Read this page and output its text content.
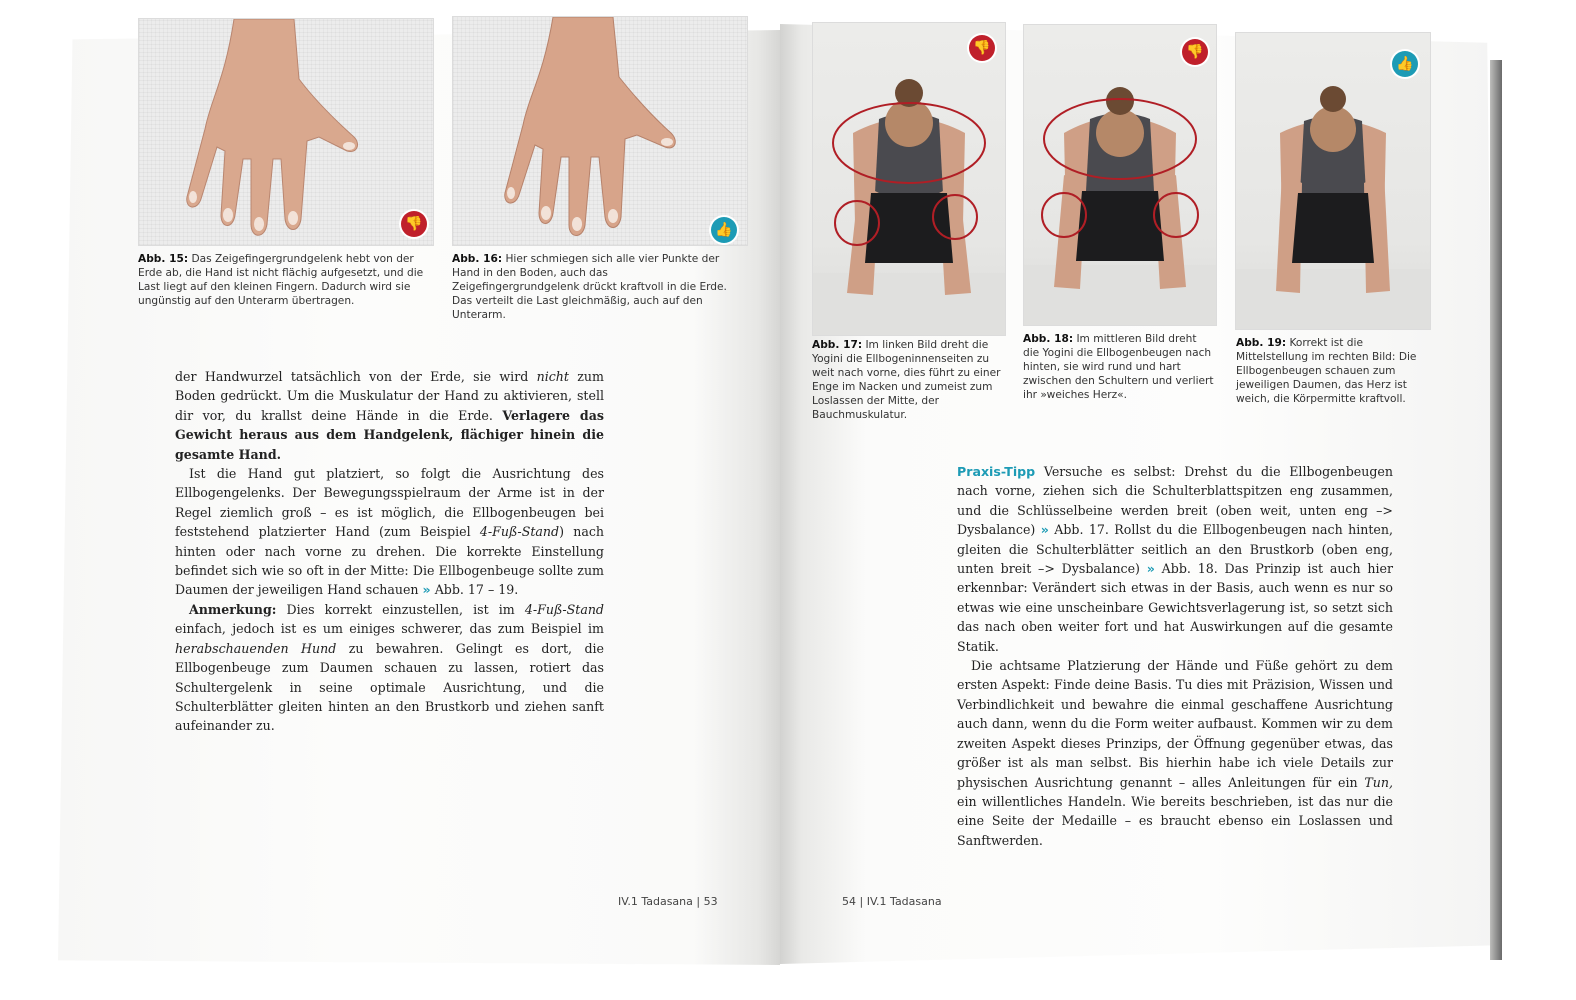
👎	👍
Abb. 15: Das Zeigefingergrundgelenk hebt von der Erde ab, die Hand ist nicht flächig aufgesetzt, und die Last liegt auf den kleinen Fingern. Dadurch wird sie ungünstig auf den Unterarm übertragen.
Abb. 16: Hier schmiegen sich alle vier Punkte der Hand in den Boden, auch das Zeigefingergrundgelenk drückt kraftvoll in die Erde. Das verteilt die Last gleichmäßig, auch auf den Unterarm.

der Handwurzel tatsächlich von der Erde, sie wird nicht zum Boden gedrückt. Um die Muskulatur der Hand zu aktivieren, stell dir vor, du krallst deine Hände in die Erde. Verlagere das Gewicht heraus aus dem Handgelenk, flächiger hinein die gesamte Hand.

Ist die Hand gut platziert, so folgt die Ausrichtung des Ellbogengelenks. Der Bewegungsspielraum der Arme ist in der Regel ziemlich groß – es ist möglich, die Ellbogenbeugen bei feststehend platzierter Hand (zum Beispiel 4-Fuß-Stand) nach hinten oder nach vorne zu drehen. Die korrekte Einstellung befindet sich wie so oft in der Mitte: Die Ellbogenbeuge sollte zum Daumen der jeweiligen Hand schauen » Abb. 17 – 19.

Anmerkung: Dies korrekt einzustellen, ist im 4-Fuß-Stand einfach, jedoch ist es um einiges schwerer, das zum Beispiel im herabschauenden Hund zu bewahren. Gelingt es dort, die Ellbogenbeuge zum Daumen schauen zu lassen, rotiert das Schultergelenk in seine optimale Ausrichtung, und die Schulterblätter gleiten hinten an den Brustkorb und ziehen sanft aufeinander zu.

IV.1 Tadasana | 53
👎	👎
👍
Abb. 17: Im linken Bild dreht die Yogini die Ellbogeninnenseiten zu weit nach vorne, dies führt zu einer Enge im Nacken und zumeist zum Loslassen der Mitte, der Bauchmuskulatur.
Abb. 18: Im mittleren Bild dreht die Yogini die Ellbogenbeugen nach hinten, sie wird rund und hart zwischen den Schultern und verliert ihr »weiches Herz«.
Abb. 19: Korrekt ist die Mittelstellung im rechten Bild: Die Ellbogenbeugen schauen zum jeweiligen Daumen, das Herz ist weich, die Körpermitte kraftvoll.

Praxis-Tipp Versuche es selbst: Drehst du die Ellbogenbeugen nach vorne, ziehen sich die Schulterblattspitzen eng zusammen, und die Schlüsselbeine werden breit (oben weit, unten eng –> Dysbalance) » Abb. 17. Rollst du die Ellbogenbeugen nach hinten, gleiten die Schulterblätter seitlich an den Brustkorb (oben eng, unten breit –> Dysbalance) » Abb. 18. Das Prinzip ist auch hier erkennbar: Verändert sich etwas in der Basis, auch wenn es nur so etwas wie eine unscheinbare Gewichtsverlagerung ist, so setzt sich das nach oben weiter fort und hat Auswirkungen auf die gesamte Statik.

Die achtsame Platzierung der Hände und Füße gehört zu dem ersten Aspekt: Finde deine Basis. Tu dies mit Präzision, Wissen und Verbindlichkeit und bewahre die einmal geschaffene Ausrichtung auch dann, wenn du die Form weiter aufbaust. Kommen wir zu dem zweiten Aspekt dieses Prinzips, der Öffnung gegenüber etwas, das größer ist als man selbst. Bis hierhin habe ich viele Details zur physischen Ausrichtung genannt – alles Anleitungen für ein Tun, ein willentliches Handeln. Wie bereits beschrieben, ist das nur die eine Seite der Medaille – es braucht ebenso ein Loslassen und Sanftwerden.

54 | IV.1 Tadasana
